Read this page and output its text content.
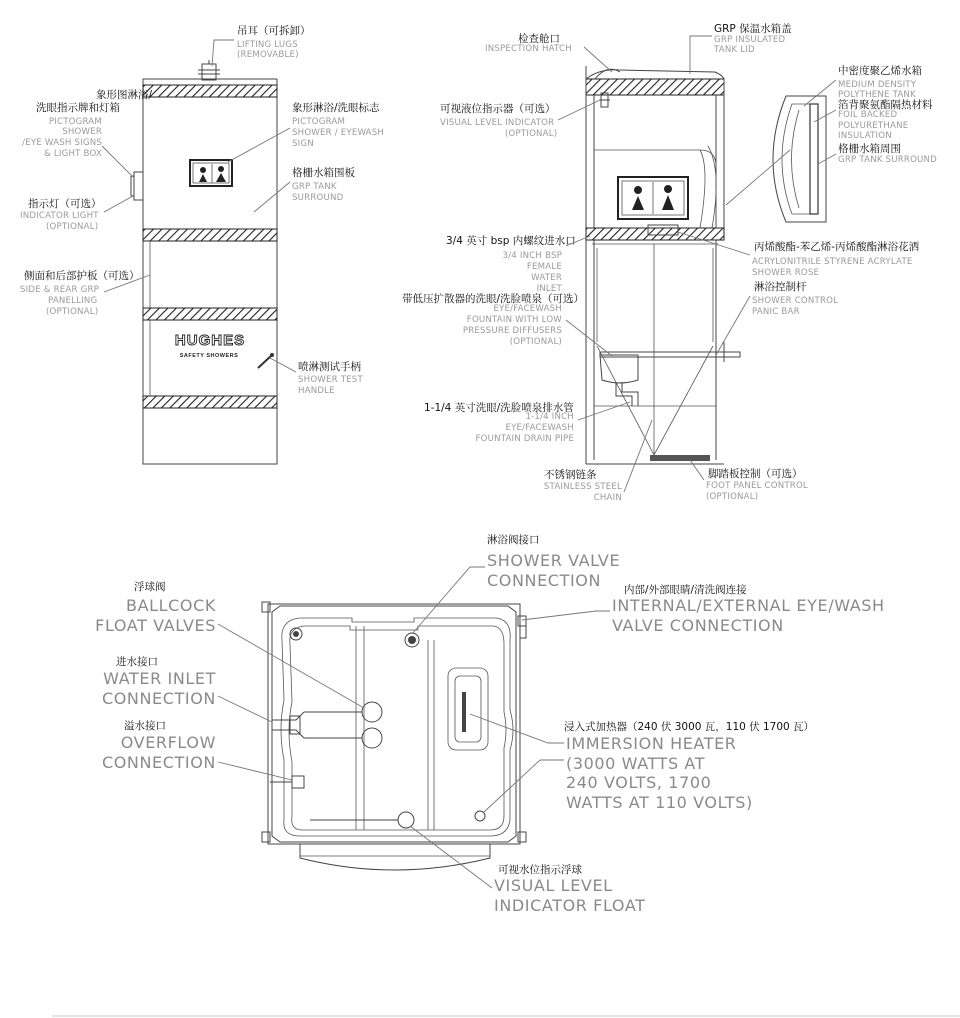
HUGHES
SAFETY SHOWERS
吊耳（可拆卸）
LIFTING LUGS
(REMOVABLE)
象形图淋浴/
洗眼指示牌和灯箱
PICTOGRAM
SHOWER
/EYE WASH SIGNS
& LIGHT BOX
象形淋浴/洗眼标志
PICTOGRAM
SHOWER / EYEWASH
SIGN
格栅水箱围板
GRP TANK
SURROUND
指示灯（可选）
INDICATOR LIGHT
(OPTIONAL)
侧面和后部护板（可选）
SIDE & REAR GRP
PANELLING
(OPTIONAL)
喷淋测试手柄
SHOWER TEST
HANDLE
检查舱口
INSPECTION HATCH
GRP 保温水箱盖
GRP INSULATED
TANK LID
可视液位指示器（可选）
VISUAL LEVEL INDICATOR
(OPTIONAL)
中密度聚乙烯水箱
MEDIUM DENSITY
POLYTHENE TANK
箔背聚氨酯隔热材料
FOIL BACKED
POLYURETHANE
INSULATION
格栅水箱周围
GRP TANK SURROUND
3/4 英寸 bsp 内螺纹进水口
3/4 INCH BSP
FEMALE
WATER
INLET
丙烯酸酯-苯乙烯-丙烯酸酯淋浴花洒
ACRYLONITRILE STYRENE ACRYLATE
SHOWER ROSE
带低压扩散器的洗眼/洗脸喷泉（可选）
EYE/FACEWASH
FOUNTAIN WITH LOW
PRESSURE DIFFUSERS
(OPTIONAL)
淋浴控制杆
SHOWER CONTROL
PANIC BAR
1-1/4 英寸洗眼/洗脸喷泉排水管
1-1/4 INCH
EYE/FACEWASH
FOUNTAIN DRAIN PIPE
不锈钢链条
STAINLESS STEEL
CHAIN
脚踏板控制（可选）
FOOT PANEL CONTROL
(OPTIONAL)
淋浴阀接口
SHOWER VALVE
CONNECTION 内部/外部眼睛/清洗阀连接
INTERNAL/EXTERNAL EYE/WASH
VALVE CONNECTION
浮球阀
BALLCOCK
FLOAT VALVES
进水接口
WATER INLET
CONNECTION
溢水接口
OVERFLOW
CONNECTION
浸入式加热器（240 伏 3000 瓦，110 伏 1700 瓦）
IMMERSION HEATER
(3000 WATTS AT
240 VOLTS, 1700
WATTS AT 110 VOLTS)
可视水位指示浮球
VISUAL LEVEL
INDICATOR FLOAT
